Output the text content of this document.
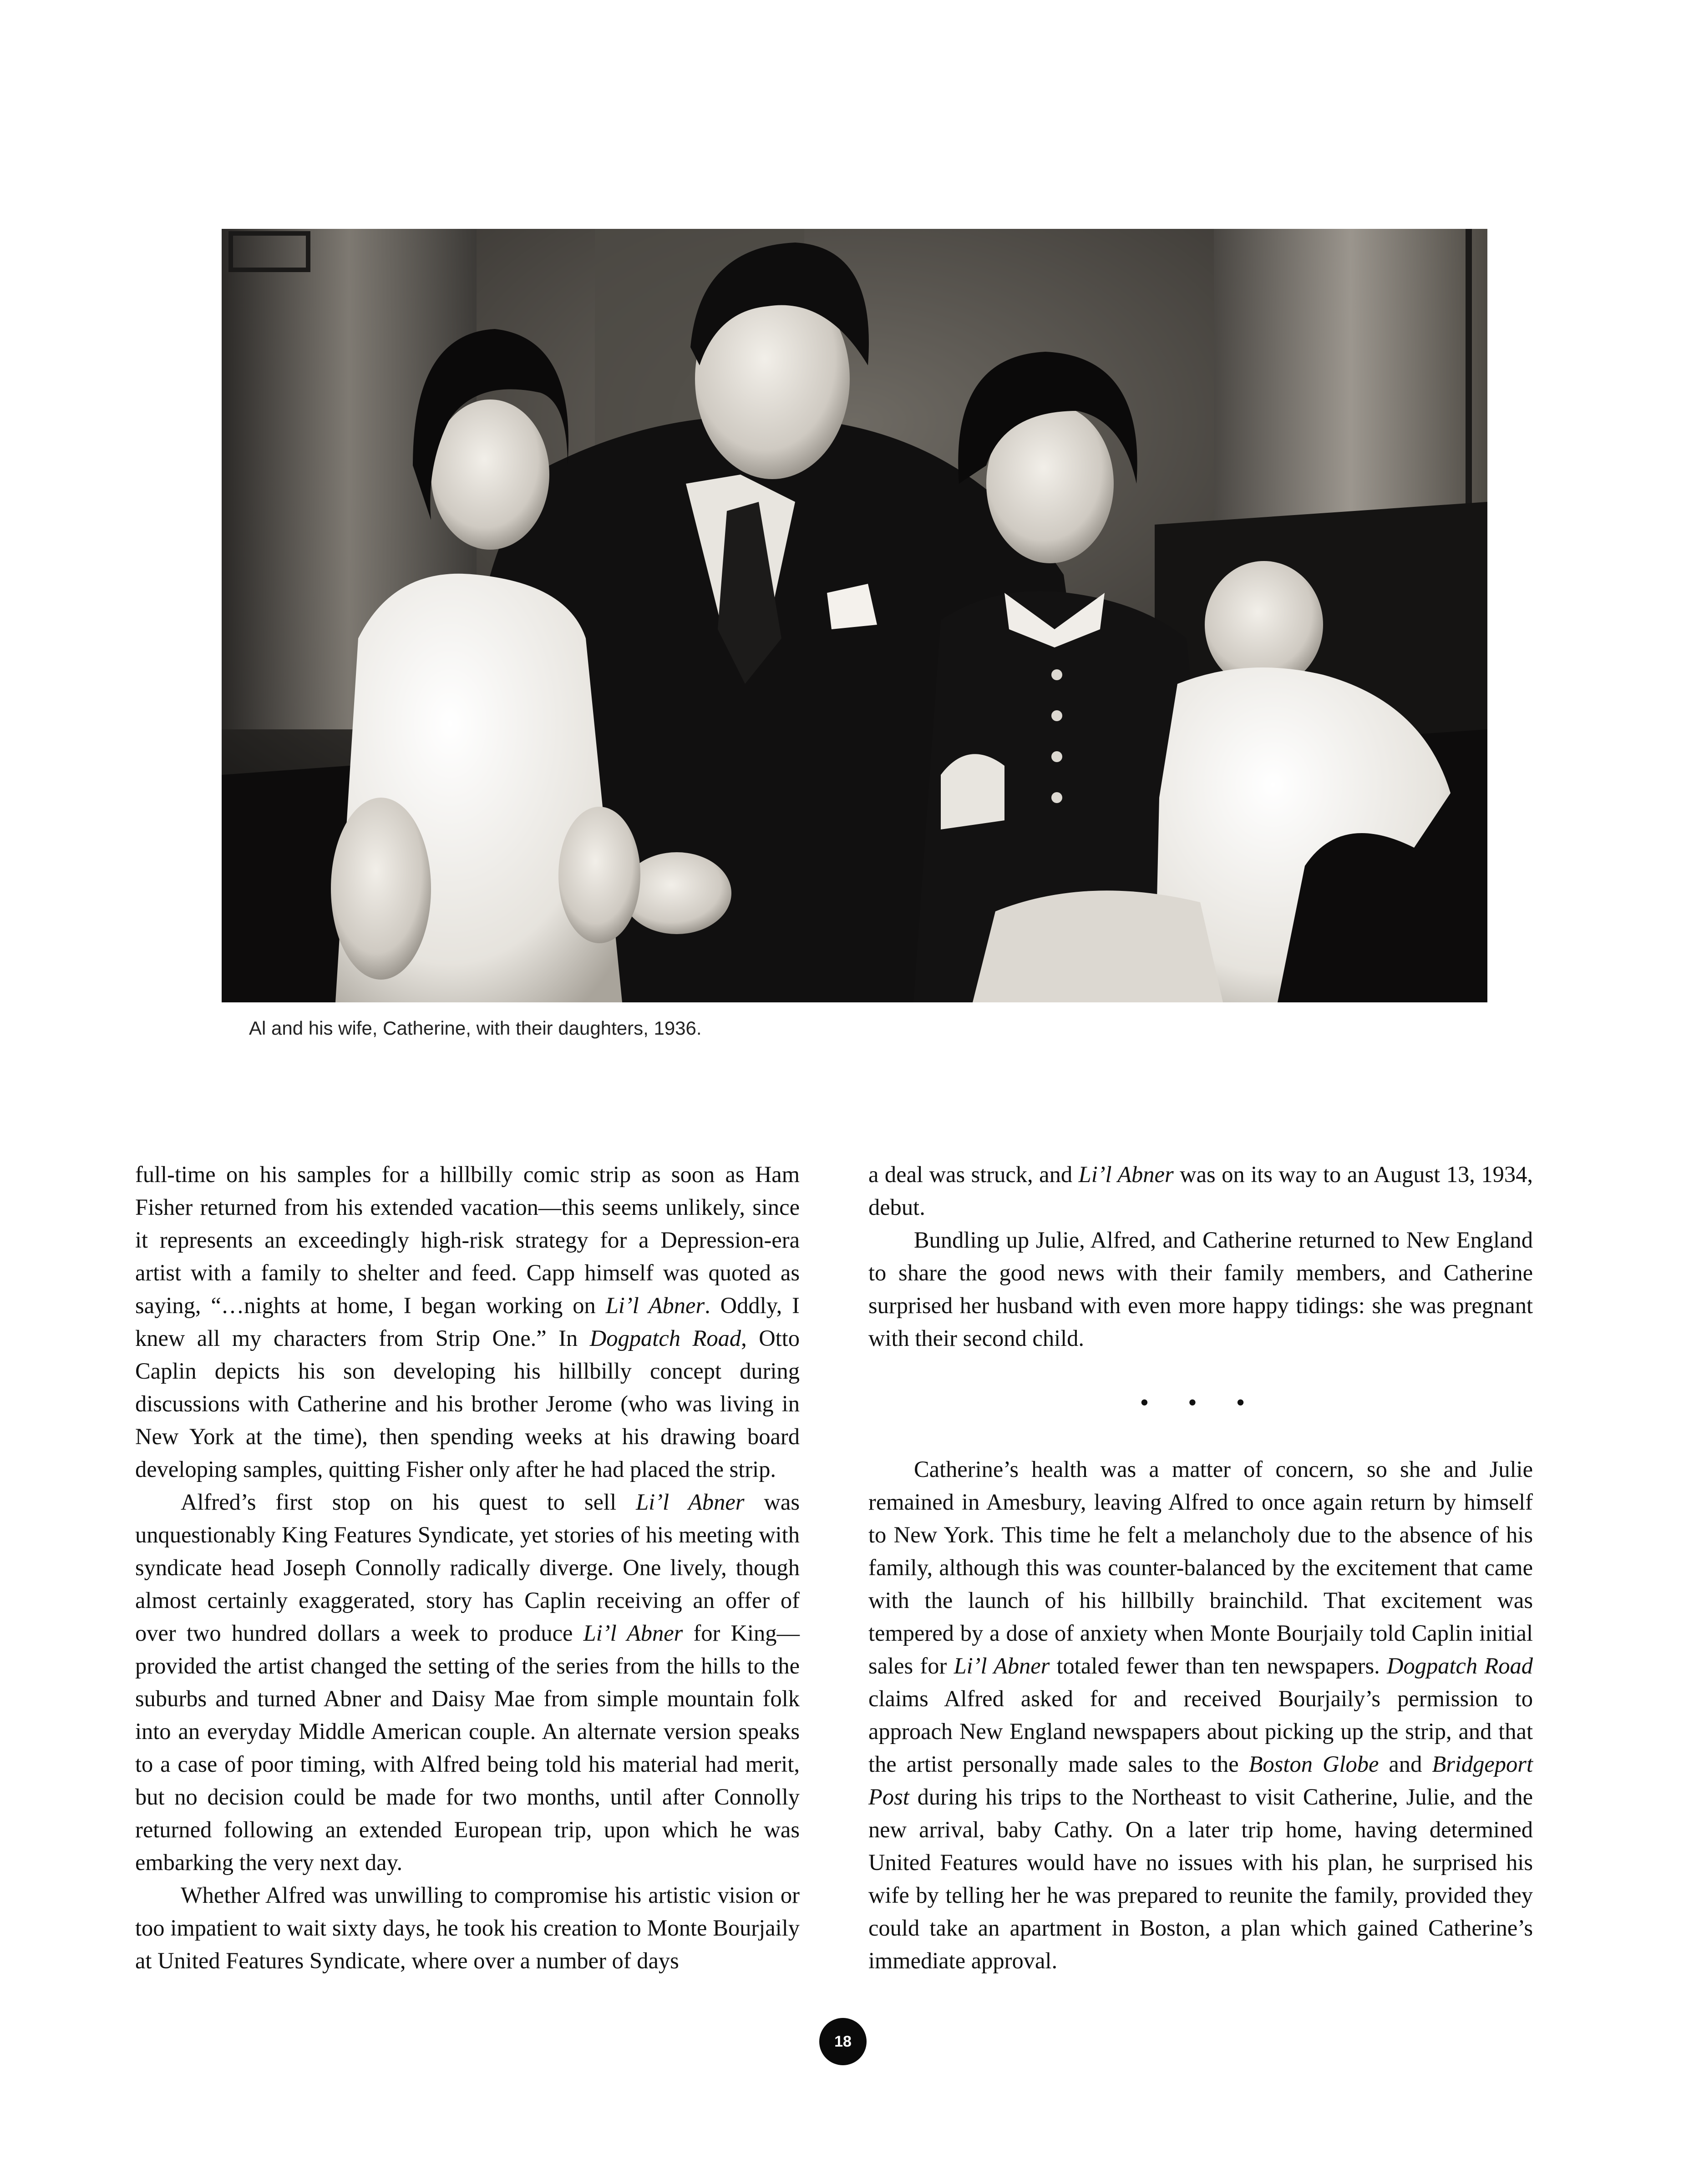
Al and his wife, Catherine, with their daughters, 1936.

full-time on his samples for a hillbilly comic strip as soon as Ham Fisher returned from his extended vacation—this seems unlikely, since it represents an exceedingly high-risk strategy for a Depression-era artist with a family to shelter and feed. Capp himself was quoted as saying, “…nights at home, I began working on Li’l Abner. Oddly, I knew all my characters from Strip One.” In Dogpatch Road, Otto Caplin depicts his son developing his hillbilly concept during discussions with Catherine and his brother Jerome (who was living in New York at the time), then spending weeks at his drawing board developing samples, quitting Fisher only after he had placed the strip.

Alfred’s first stop on his quest to sell Li’l Abner was unquestionably King Features Syndicate, yet stories of his meeting with syndicate head Joseph Connolly radically diverge. One lively, though almost certainly exaggerated, story has Caplin receiving an offer of over two hundred dollars a week to produce Li’l Abner for King—provided the artist changed the setting of the series from the hills to the suburbs and turned Abner and Daisy Mae from simple mountain folk into an everyday Middle American couple. An alternate version speaks to a case of poor timing, with Alfred being told his material had merit, but no decision could be made for two months, until after Connolly returned following an extended European trip, upon which he was embarking the very next day.

Whether Alfred was unwilling to compromise his artistic vision or too impatient to wait sixty days, he took his creation to Monte Bourjaily at United Features Syndicate, where over a number of days

a deal was struck, and Li’l Abner was on its way to an August 13, 1934, debut.

Bundling up Julie, Alfred, and Catherine returned to New England to share the good news with their family members, and Catherine surprised her husband with even more happy tidings: she was pregnant with their second child.

• • •

Catherine’s health was a matter of concern, so she and Julie remained in Amesbury, leaving Alfred to once again return by himself to New York. This time he felt a melancholy due to the absence of his family, although this was counter-balanced by the excitement that came with the launch of his hillbilly brainchild. That excitement was tempered by a dose of anxiety when Monte Bourjaily told Caplin initial sales for Li’l Abner totaled fewer than ten newspapers. Dogpatch Road claims Alfred asked for and received Bourjaily’s permission to approach New England newspapers about picking up the strip, and that the artist personally made sales to the Boston Globe and Bridgeport Post during his trips to the Northeast to visit Catherine, Julie, and the new arrival, baby Cathy. On a later trip home, having determined United Features would have no issues with his plan, he surprised his wife by telling her he was prepared to reunite the family, provided they could take an apartment in Boston, a plan which gained Catherine’s immediate approval.

18
